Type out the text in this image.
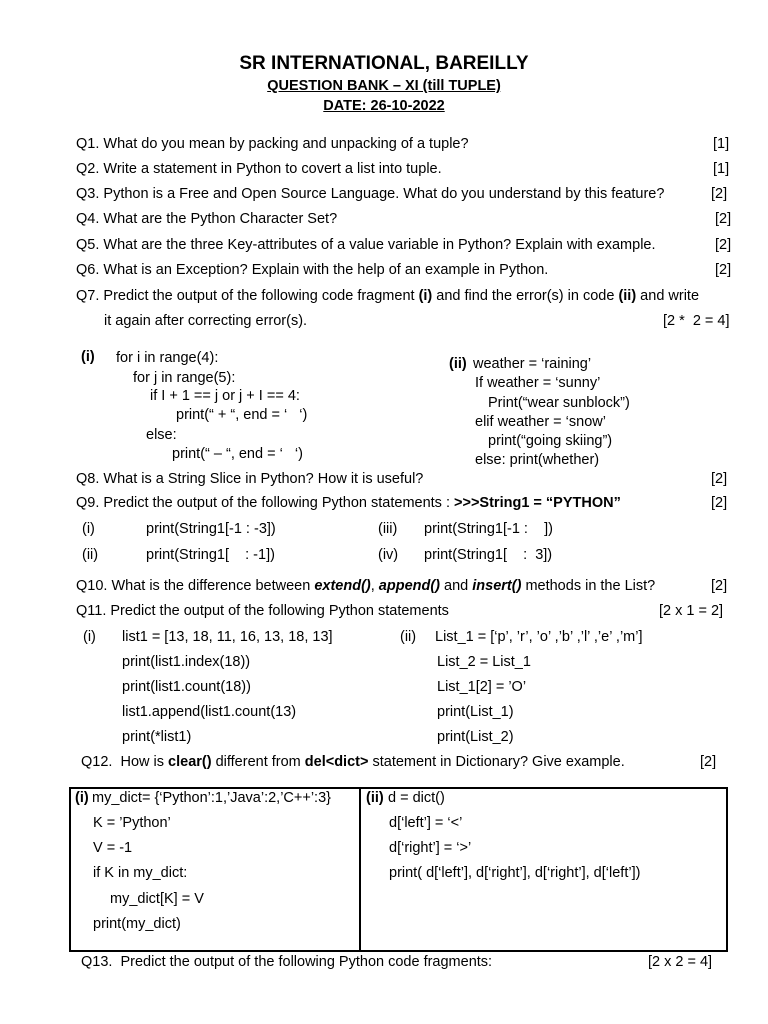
SR INTERNATIONAL, BAREILLY
QUESTION BANK – XI (till TUPLE)
DATE: 26-10-2022
Q1. What do you mean by packing and unpacking of a tuple?	[1]
Q2. Write a statement in Python to covert a list into tuple.	[1]
Q3. Python is a Free and Open Source Language. What do you understand by this feature?	[2]
Q4. What are the Python Character Set?	[2]
Q5. What are the three Key-attributes of a value variable in Python? Explain with example.	[2]
Q6. What is an Exception? Explain with the help of an example in Python.	[2]
Q7. Predict the output of the following code fragment (i) and find the error(s) in code (ii) and write
it again after correcting error(s).	[2 *  2 = 4]
(i) for i in range(4):
for j in range(5):
if I + 1 == j or j + I == 4:
print(“ + “, end = ‘   ‘)
else:
print(“ – “, end = ‘   ‘)
(ii) weather = ‘raining’
If weather = ‘sunny’
Print(“wear sunblock”)
elif weather = ‘snow’
print(“going skiing”)
else: print(whether)
Q8. What is a String Slice in Python? How it is useful?	[2]
Q9. Predict the output of the following Python statements : >>>String1 = “PYTHON”	[2]
(i)	print(String1[-1 : -3])	(iii) print(String1[-1 :    ])
(ii)	print(String1[    : -1])	(iv) print(String1[    :  3])
Q10. What is the difference between extend(), append() and insert() methods in the List?	[2]
Q11. Predict the output of the following Python statements	[2 x 1 = 2]
(i) list1 = [13, 18, 11, 16, 13, 18, 13]
print(list1.index(18))
print(list1.count(18))
list1.append(list1.count(13)
print(*list1)
(ii) List_1 = [‘p’, ’r’, ’o’ ,’b’ ,’l’ ,’e’ ,’m’]
List_2 = List_1
List_1[2] = ’O’
print(List_1)
print(List_2)
Q12.  How is clear() different from del<dict> statement in Dictionary? Give example.	[2]
(i) my_dict= {‘Python’:1,’Java’:2,’C++’:3}
K = ’Python’
V = -1
if K in my_dict:
my_dict[K] = V
print(my_dict)
(ii) d = dict()
d[‘left’] = ‘<’
d[‘right’] = ‘>’
print( d[‘left’], d[‘right’], d[‘right’], d[‘left’])
Q13.  Predict the output of the following Python code fragments:	[2 x 2 = 4]
